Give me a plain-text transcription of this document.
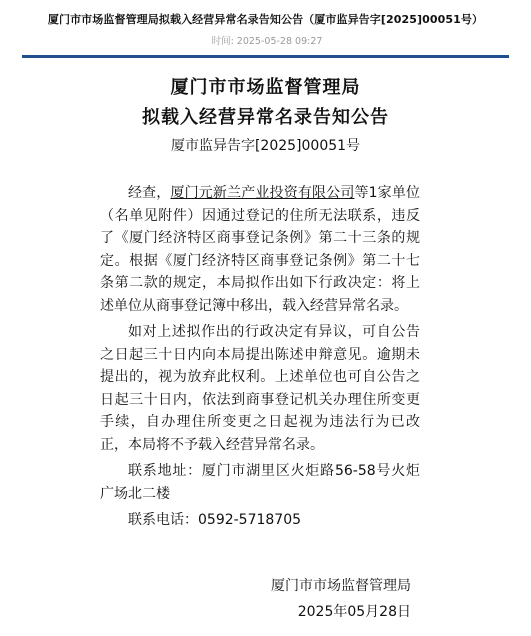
厦门市市场监督管理局拟载入经营异常名录告知公告（厦市监异告字[2025]00051号）
时间: 2025-05-28 09:27
厦门市市场监督管理局
拟载入经营异常名录告知公告
厦市监异告字[2025]00051号

经查，厦门元新兰产业投资有限公司等1家单位（名单见附件）因通过登记的住所无法联系，违反了《厦门经济特区商事登记条例》第二十三条的规定。根据《厦门经济特区商事登记条例》第二十七条第二款的规定，本局拟作出如下行政决定：将上述单位从商事登记簿中移出，载入经营异常名录。

如对上述拟作出的行政决定有异议，可自公告之日起三十日内向本局提出陈述申辩意见。逾期未提出的，视为放弃此权利。上述单位也可自公告之日起三十日内，依法到商事登记机关办理住所变更手续，自办理住所变更之日起视为违法行为已改正，本局将不予载入经营异常名录。

联系地址：厦门市湖里区火炬路56-58号火炬广场北二楼

联系电话：0592-5718705

厦门市市场监督管理局
2025年05月28日
